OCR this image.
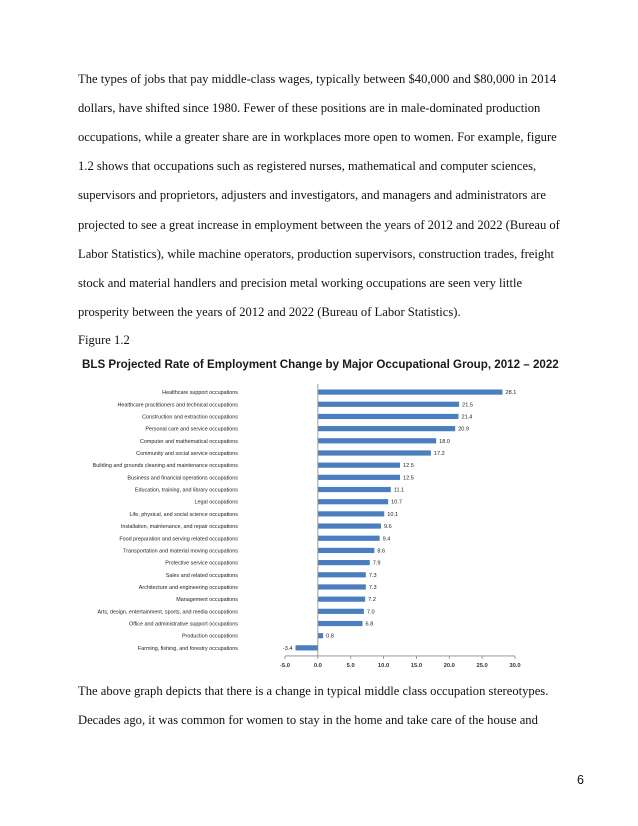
The types of jobs that pay middle-class wages, typically between $40,000 and $80,000 in 2014
dollars, have shifted since 1980. Fewer of these positions are in male-dominated production
occupations, while a greater share are in workplaces more open to women. For example, figure
1.2 shows that occupations such as registered nurses, mathematical and computer sciences,
supervisors and proprietors, adjusters and investigators, and managers and administrators are
projected to see a great increase in employment between the years of 2012 and 2022 (Bureau of
Labor Statistics), while machine operators, production supervisors, construction trades, freight
stock and material handlers and precision metal working occupations are seen very little
prosperity between the years of 2012 and 2022 (Bureau of Labor Statistics).
Figure 1.2
Healthcare support occupations	28.1
Healthcare practitioners and technical occupations	21.5
Construction and extraction occupations	21.4
Personal care and service occupations	20.9
Computer and mathematical occupations	18.0
Community and social service occupations	17.2
Building and grounds cleaning and maintenance occupations	12.5
Business and financial operations occupations	12.5
Education, training, and library occupations	11.1
Legal occupations	10.7
Life, physical, and social science occupations	10.1
Installation, maintenance, and repair occupations	9.6
Food preparation and serving related occupations	9.4
Transportation and material moving occupations	8.6
Protective service occupations	7.9
Sales and related occupations	7.3
Architecture and engineering occupations	7.3
Management occupations	7.2
Arts, design, entertainment, sports, and media occupations	7.0
Office and administrative support occupations	6.8
Production occupations	0.8
Farming, fishing, and forestry occupations	-3.4
-5.0	0.0	5.0	10.0	15.0	20.0	25.0	30.0
BLS Projected Rate of Employment Change by Major Occupational Group, 2012 – 2022
The above graph depicts that there is a change in typical middle class occupation stereotypes.
Decades ago, it was common for women to stay in the home and take care of the house and
6
